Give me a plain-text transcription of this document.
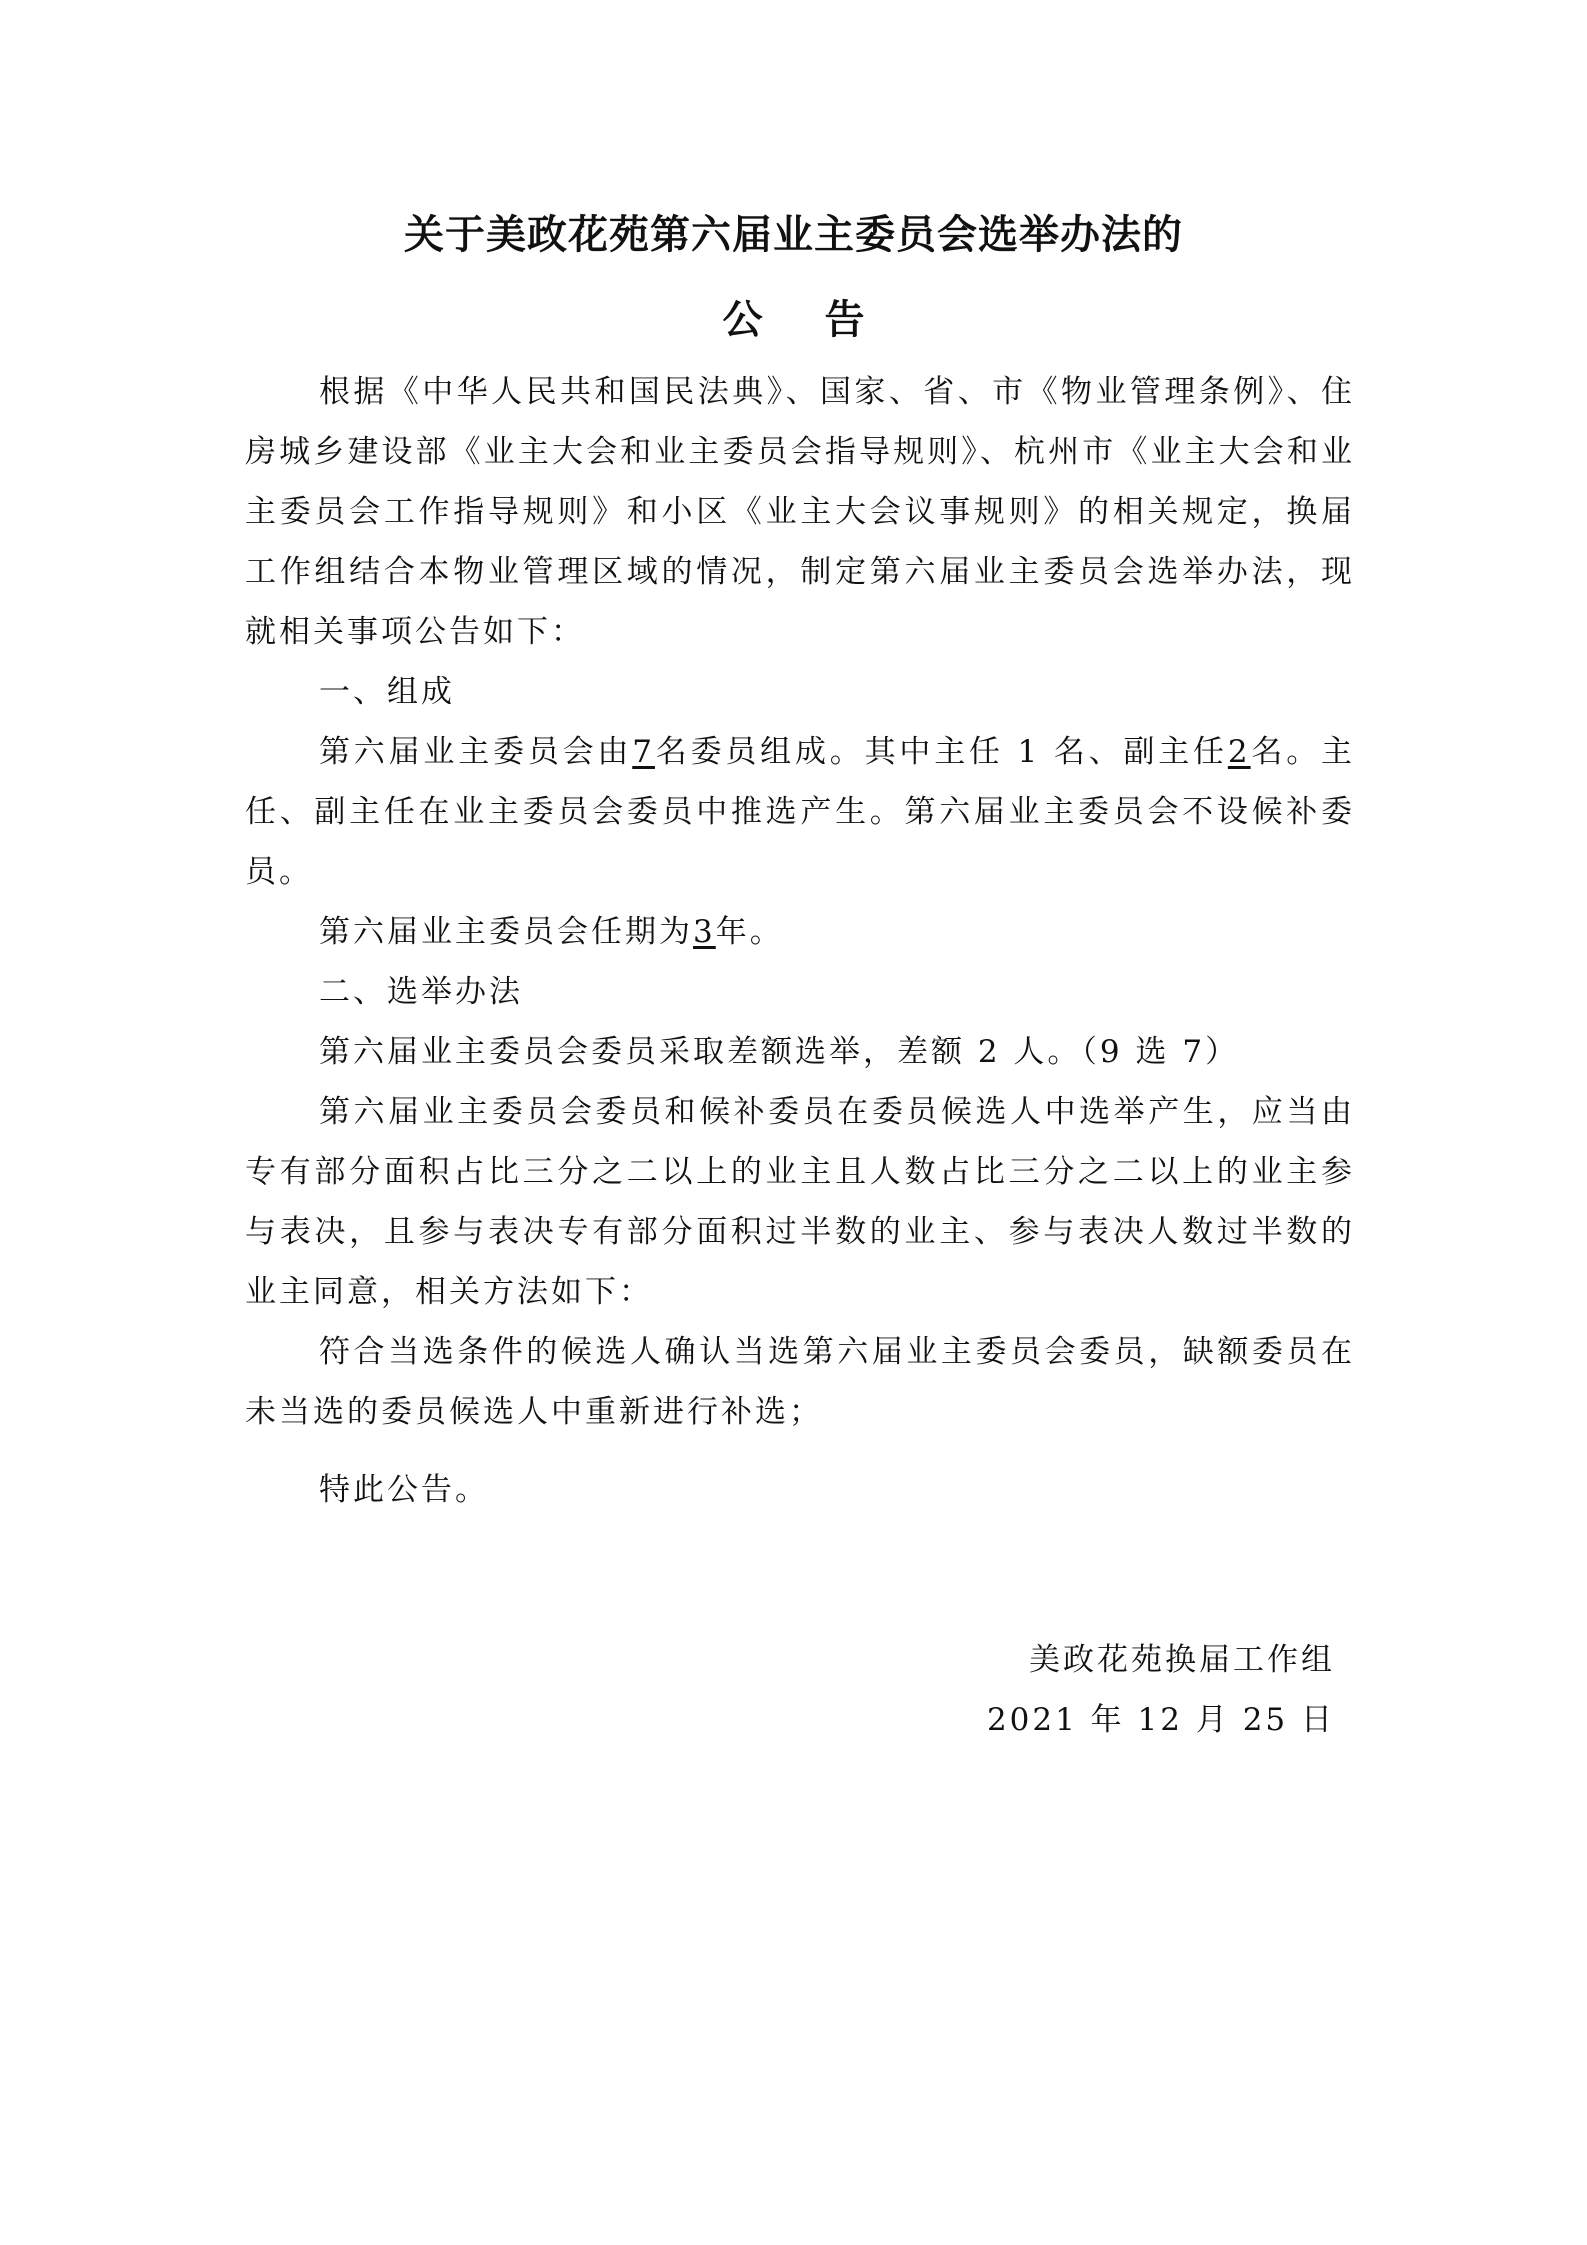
关于美政花苑第六届业主委员会选举办法的
公 告

根据《中华人民共和国民法典》、国家、省、市《物业管理条例》、住房城乡建设部《业主大会和业主委员会指导规则》、杭州市《业主大会和业主委员会工作指导规则》和小区《业主大会议事规则》的相关规定，换届工作组结合本物业管理区域的情况，制定第六届业主委员会选举办法，现就相关事项公告如下：

一、组成

第六届业主委员会由7名委员组成。其中主任 1 名、副主任2名。主任、副主任在业主委员会委员中推选产生。第六届业主委员会不设候补委员。

第六届业主委员会任期为3年。

二、选举办法

第六届业主委员会委员采取差额选举，差额 2 人。（9 选 7）

第六届业主委员会委员和候补委员在委员候选人中选举产生，应当由专有部分面积占比三分之二以上的业主且人数占比三分之二以上的业主参与表决，且参与表决专有部分面积过半数的业主、参与表决人数过半数的业主同意，相关方法如下：

符合当选条件的候选人确认当选第六届业主委员会委员，缺额委员在未当选的委员候选人中重新进行补选；

特此公告。

美政花苑换届工作组
2021 年 12 月 25 日
